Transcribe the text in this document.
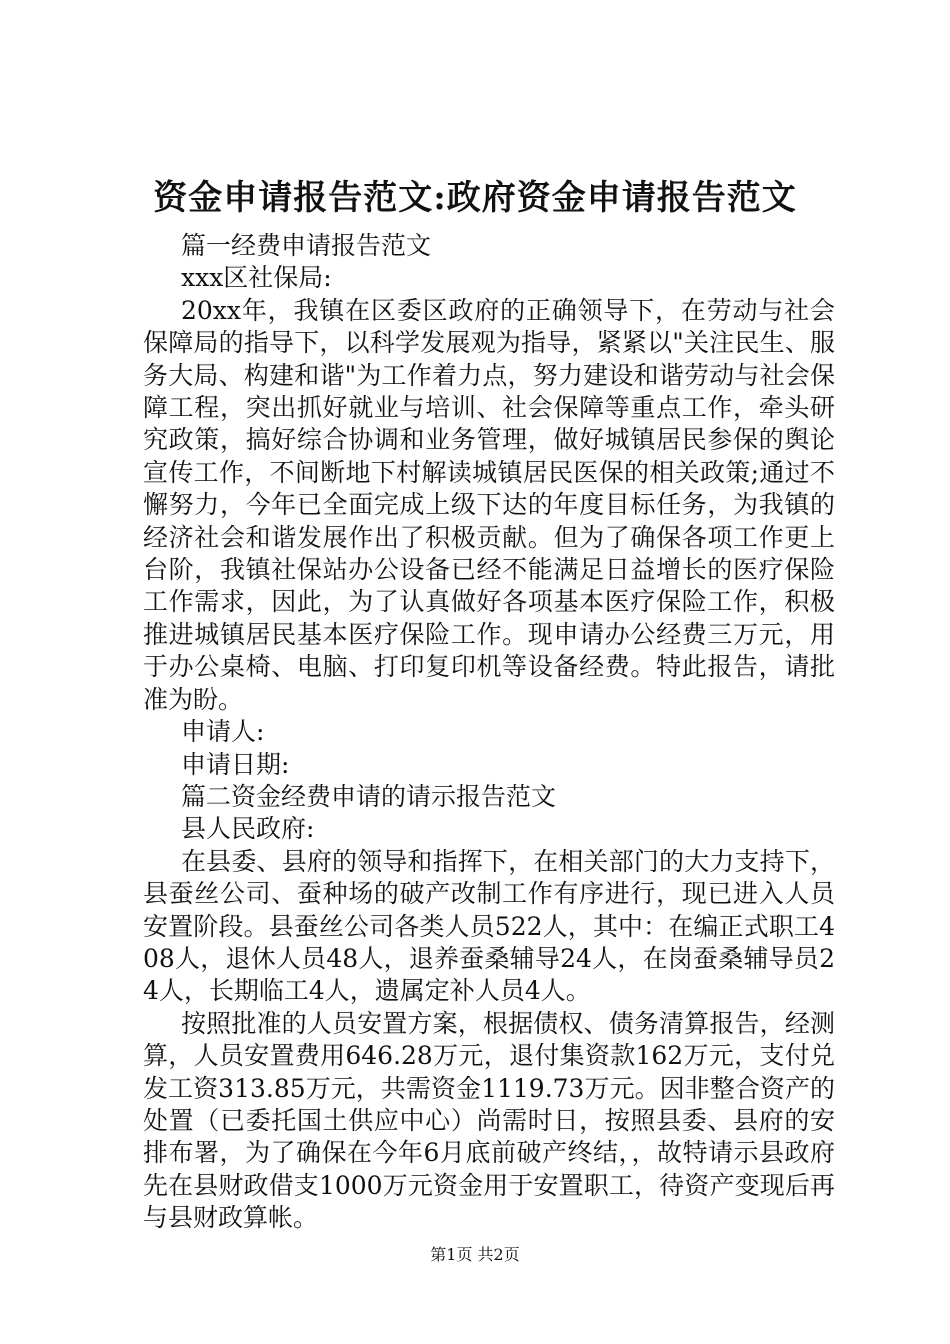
资金申请报告范文:政府资金申请报告范文

篇一经费申请报告范文

xxx区社保局:

20xx年，我镇在区委区政府的正确领导下，在劳动与社会保障局的指导下，以科学发展观为指导，紧紧以"关注民生、服务大局、构建和谐"为工作着力点，努力建设和谐劳动与社会保障工程，突出抓好就业与培训、社会保障等重点工作，牵头研究政策，搞好综合协调和业务管理，做好城镇居民参保的舆论宣传工作，不间断地下村解读城镇居民医保的相关政策;通过不懈努力，今年已全面完成上级下达的年度目标任务，为我镇的经济社会和谐发展作出了积极贡献。但为了确保各项工作更上台阶，我镇社保站办公设备已经不能满足日益增长的医疗保险工作需求，因此，为了认真做好各项基本医疗保险工作，积极推进城镇居民基本医疗保险工作。现申请办公经费三万元，用于办公桌椅、电脑、打印复印机等设备经费。特此报告，请批准为盼。

申请人:

申请日期:

篇二资金经费申请的请示报告范文

县人民政府:

在县委、县府的领导和指挥下，在相关部门的大力支持下，县蚕丝公司、蚕种场的破产改制工作有序进行，现已进入人员安置阶段。县蚕丝公司各类人员522人，其中：在编正式职工408人，退休人员48人，退养蚕桑辅导24人，在岗蚕桑辅导员24人，长期临工4人，遗属定补人员4人。

按照批准的人员安置方案，根据债权、债务清算报告，经测算，人员安置费用646.28万元，退付集资款162万元，支付兑发工资313.85万元，共需资金1119.73万元。因非整合资产的处置（已委托国土供应中心）尚需时日，按照县委、县府的安排布署，为了确保在今年6月底前破产终结，，故特请示县政府先在县财政借支1000万元资金用于安置职工，待资产变现后再与县财政算帐。

第1页 共2页
